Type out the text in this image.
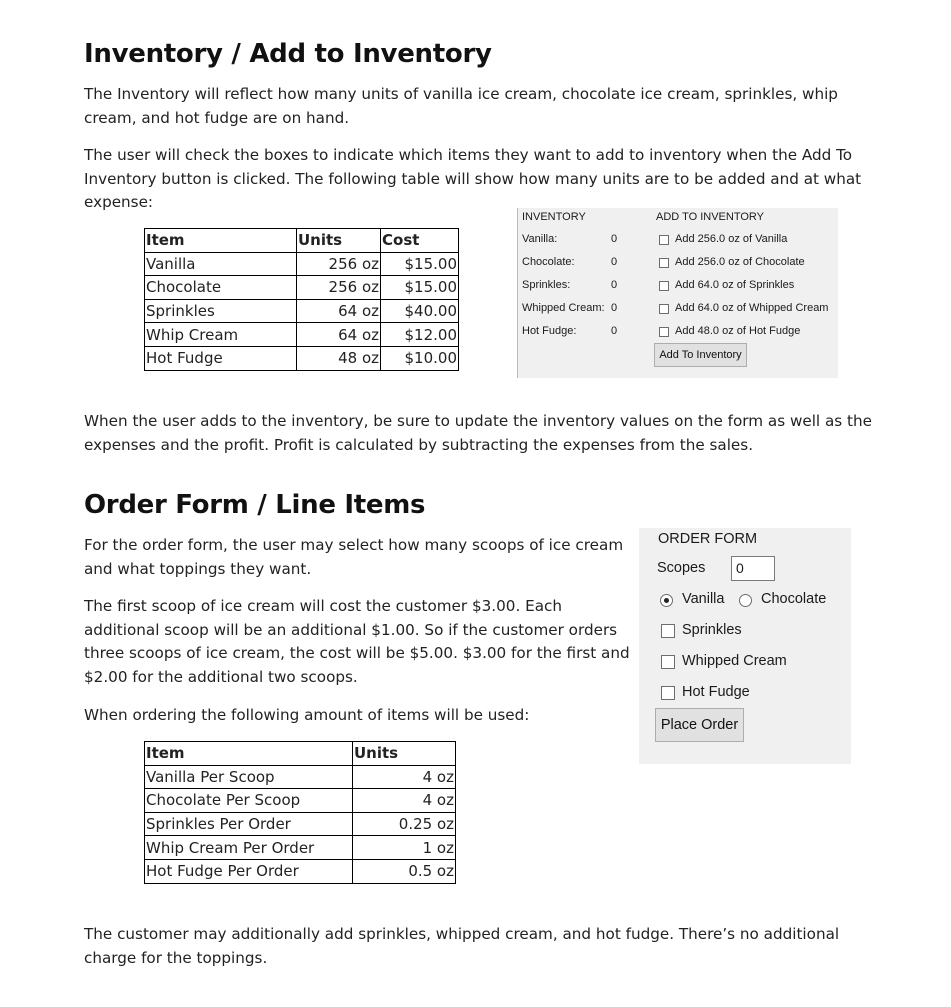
Inventory / Add to Inventory

The Inventory will reflect how many units of vanilla ice cream, chocolate ice cream, sprinkles, whip
cream, and hot fudge are on hand.

The user will check the boxes to indicate which items they want to add to inventory when the Add To
Inventory button is clicked. The following table will show how many units are to be added and at what
expense:

Item	Units	Cost
Vanilla	256 oz	$15.00
Chocolate	256 oz	$15.00
Sprinkles	64 oz	$40.00
Whip Cream	64 oz	$12.00
Hot Fudge	48 oz	$10.00
INVENTORY	ADD TO INVENTORY
Vanilla:	0	Add 256.0 oz of Vanilla
Chocolate:	0	Add 256.0 oz of Chocolate
Sprinkles:	0	Add 64.0 oz of Sprinkles
Whipped Cream: 0	Add 64.0 oz of Whipped Cream
Hot Fudge:	0	Add 48.0 oz of Hot Fudge
Add To Inventory

When the user adds to the inventory, be sure to update the inventory values on the form as well as the
expenses and the profit. Profit is calculated by subtracting the expenses from the sales.

Order Form / Line Items

For the order form, the user may select how many scoops of ice cream
and what toppings they want.

The first scoop of ice cream will cost the customer $3.00. Each
additional scoop will be an additional $1.00. So if the customer orders
three scoops of ice cream, the cost will be $5.00. $3.00 for the first and
$2.00 for the additional two scoops.

When ordering the following amount of items will be used:

Item	Units
Vanilla Per Scoop	4 oz
Chocolate Per Scoop	4 oz
Sprinkles Per Order	0.25 oz
Whip Cream Per Order	1 oz
Hot Fudge Per Order	0.5 oz
ORDER FORM
Scopes	0
Vanilla	Chocolate
Sprinkles
Whipped Cream
Hot Fudge
Place Order

The customer may additionally add sprinkles, whipped cream, and hot fudge. There’s no additional
charge for the toppings.
